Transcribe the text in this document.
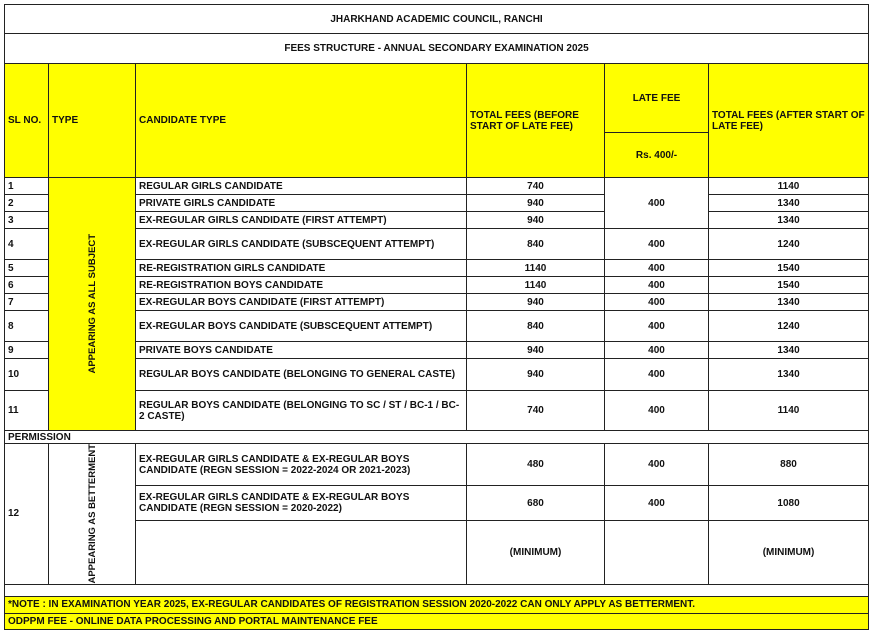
JHARKHAND ACADEMIC COUNCIL, RANCHI					
FEES STRUCTURE - ANNUAL SECONDARY EXAMINATION 2025					
SL NO.	TYPE	CANDIDATE TYPE	TOTAL FEES (BEFORE START OF LATE FEE)	LATE FEE	TOTAL FEES (AFTER START OF LATE FEE)
				Rs. 400/-	
1	APPEARING AS ALL SUBJECT	REGULAR GIRLS CANDIDATE	740	400	1140
2		PRIVATE GIRLS CANDIDATE	940		1340
3		EX-REGULAR GIRLS CANDIDATE (FIRST ATTEMPT)	940		1340
4		EX-REGULAR GIRLS CANDIDATE (SUBSCEQUENT ATTEMPT)	840	400	1240
5		RE-REGISTRATION GIRLS CANDIDATE	1140	400	1540
6		RE-REGISTRATION BOYS CANDIDATE	1140	400	1540
7		EX-REGULAR BOYS CANDIDATE (FIRST ATTEMPT)	940	400	1340
8		EX-REGULAR BOYS CANDIDATE (SUBSCEQUENT ATTEMPT)	840	400	1240
9		PRIVATE BOYS CANDIDATE	940	400	1340
10		REGULAR BOYS CANDIDATE (BELONGING TO GENERAL CASTE)	940	400	1340
11		REGULAR BOYS CANDIDATE (BELONGING TO SC / ST / BC-1 / BC-2 CASTE)	740	400	1140
PERMISSION					
12	APPEARING AS BETTERMENT	EX-REGULAR GIRLS CANDIDATE & EX-REGULAR BOYS CANDIDATE (REGN SESSION = 2022-2024 OR 2021-2023)	480	400	880
		EX-REGULAR GIRLS CANDIDATE & EX-REGULAR BOYS CANDIDATE (REGN SESSION = 2020-2022)	680	400	1080
			(MINIMUM)		(MINIMUM)

*NOTE : IN EXAMINATION YEAR 2025, EX-REGULAR CANDIDATES OF REGISTRATION SESSION 2020-2022 CAN ONLY APPLY AS BETTERMENT.					
ODPPM FEE - ONLINE DATA PROCESSING AND PORTAL MAINTENANCE FEE					
